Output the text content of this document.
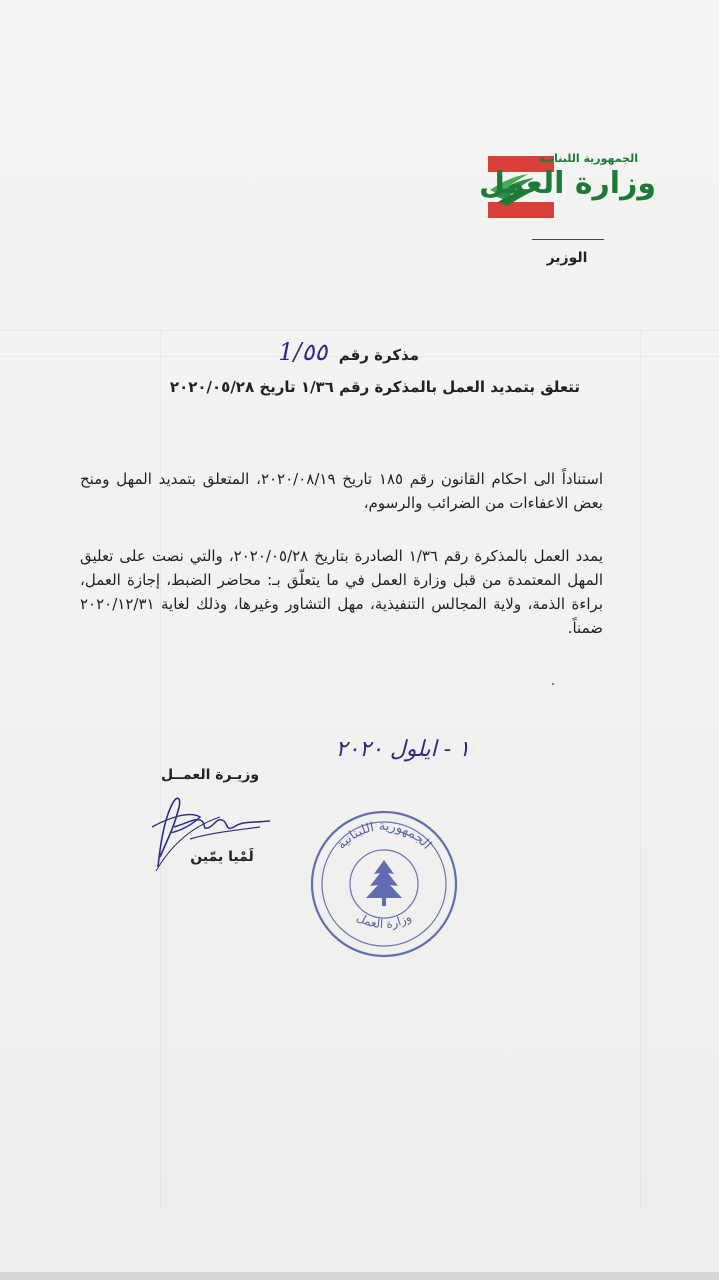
الجمهورية اللبنانية
وزارة العمل
الوزير
مذكرة رقم 1/٥٥
تتعلق بتمديد العمل بالمذكرة رقم ١/٣٦ تاريخ ٢٠٢٠/٠٥/٢٨
استناداً الى احكام القانون رقم ١٨٥ تاريخ ٢٠٢٠/٠٨/١٩، المتعلق بتمديد المهل ومنح بعض الاعفاءات من الضرائب والرسوم،
يمدد العمل بالمذكرة رقم ١/٣٦ الصادرة بتاريخ ٢٠٢٠/٠٥/٢٨، والتي نصت على تعليق المهل المعتمدة من قبل وزارة العمل في ما يتعلّق بـ: محاضر الضبط، إجازة العمل، براءة الذمة، ولاية المجالس التنفيذية، مهل التشاور وغيرها، وذلك لغاية ٢٠٢٠/١٢/٣١ ضمناً.
١ - ايلول ٢٠٢٠
وزيـرة العمــل
لَمْيا يمّين
الجمهورية اللبنانية
وزارة العمل
